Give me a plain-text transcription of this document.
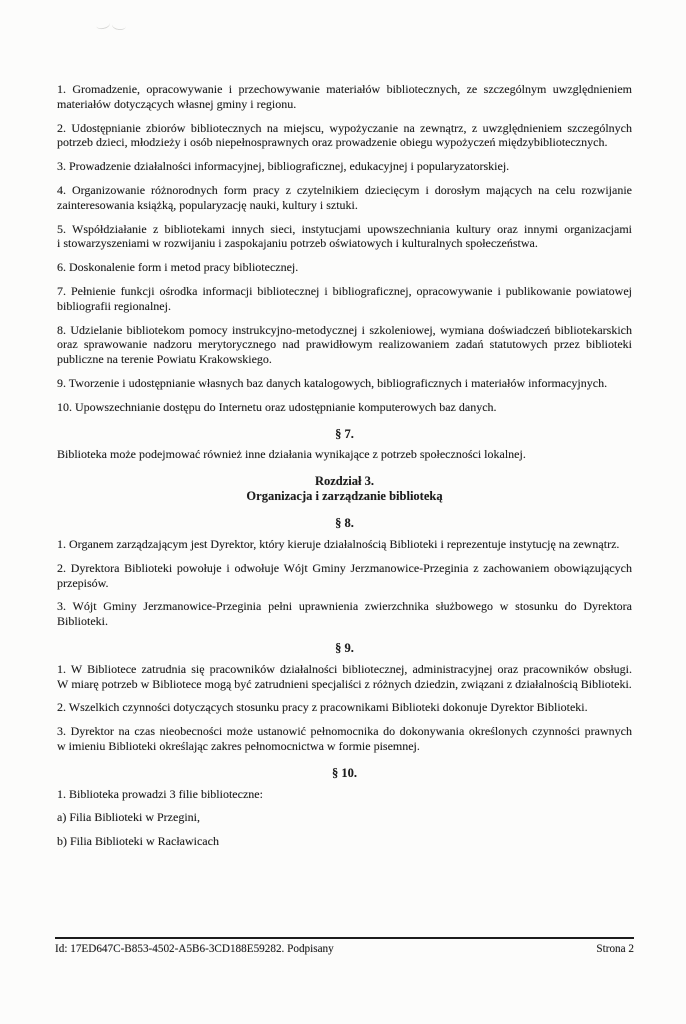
1. Gromadzenie, opracowywanie i przechowywanie materiałów bibliotecznych, ze szczególnym uwzględnieniem materiałów dotyczących własnej gminy i regionu.

2. Udostępnianie zbiorów bibliotecznych na miejscu, wypożyczanie na zewnątrz, z uwzględnieniem szczególnych potrzeb dzieci, młodzieży i osób niepełnosprawnych oraz prowadzenie obiegu wypożyczeń międzybibliotecznych.

3. Prowadzenie działalności informacyjnej, bibliograficznej, edukacyjnej i popularyzatorskiej.

4. Organizowanie różnorodnych form pracy z czytelnikiem dziecięcym i dorosłym mających na celu rozwijanie zainteresowania książką, popularyzację nauki, kultury i sztuki.

5. Współdziałanie z bibliotekami innych sieci, instytucjami upowszechniania kultury oraz innymi organizacjami i stowarzyszeniami w rozwijaniu i zaspokajaniu potrzeb oświatowych i kulturalnych społeczeństwa.

6. Doskonalenie form i metod pracy bibliotecznej.

7. Pełnienie funkcji ośrodka informacji bibliotecznej i bibliograficznej, opracowywanie i publikowanie powiatowej bibliografii regionalnej.

8. Udzielanie bibliotekom pomocy instrukcyjno-metodycznej i szkoleniowej, wymiana doświadczeń bibliotekarskich oraz sprawowanie nadzoru merytorycznego nad prawidłowym realizowaniem zadań statutowych przez biblioteki publiczne na terenie Powiatu Krakowskiego.

9. Tworzenie i udostępnianie własnych baz danych katalogowych, bibliograficznych i materiałów informacyjnych.

10. Upowszechnianie dostępu do Internetu oraz udostępnianie komputerowych baz danych.

§ 7.

Biblioteka może podejmować również inne działania wynikające z potrzeb społeczności lokalnej.

Rozdział 3.
Organizacja i zarządzanie biblioteką
§ 8.

1. Organem zarządzającym jest Dyrektor, który kieruje działalnością Biblioteki i reprezentuje instytucję na zewnątrz.

2. Dyrektora Biblioteki powołuje i odwołuje Wójt Gminy Jerzmanowice-Przeginia z zachowaniem obowiązujących przepisów.

3. Wójt Gminy Jerzmanowice-Przeginia pełni uprawnienia zwierzchnika służbowego w stosunku do Dyrektora Biblioteki.

§ 9.

1. W Bibliotece zatrudnia się pracowników działalności bibliotecznej, administracyjnej oraz pracowników obsługi. W miarę potrzeb w Bibliotece mogą być zatrudnieni specjaliści z różnych dziedzin, związani z działalnością Biblioteki.

2. Wszelkich czynności dotyczących stosunku pracy z pracownikami Biblioteki dokonuje Dyrektor Biblioteki.

3. Dyrektor na czas nieobecności może ustanowić pełnomocnika do dokonywania określonych czynności prawnych w imieniu Biblioteki określając zakres pełnomocnictwa w formie pisemnej.

§ 10.

1. Biblioteka prowadzi 3 filie biblioteczne:

a) Filia Biblioteki w Przegini,

b) Filia Biblioteki w Racławicach

Id: 17ED647C-B853-4502-A5B6-3CD188E59282. Podpisany	Strona 2
